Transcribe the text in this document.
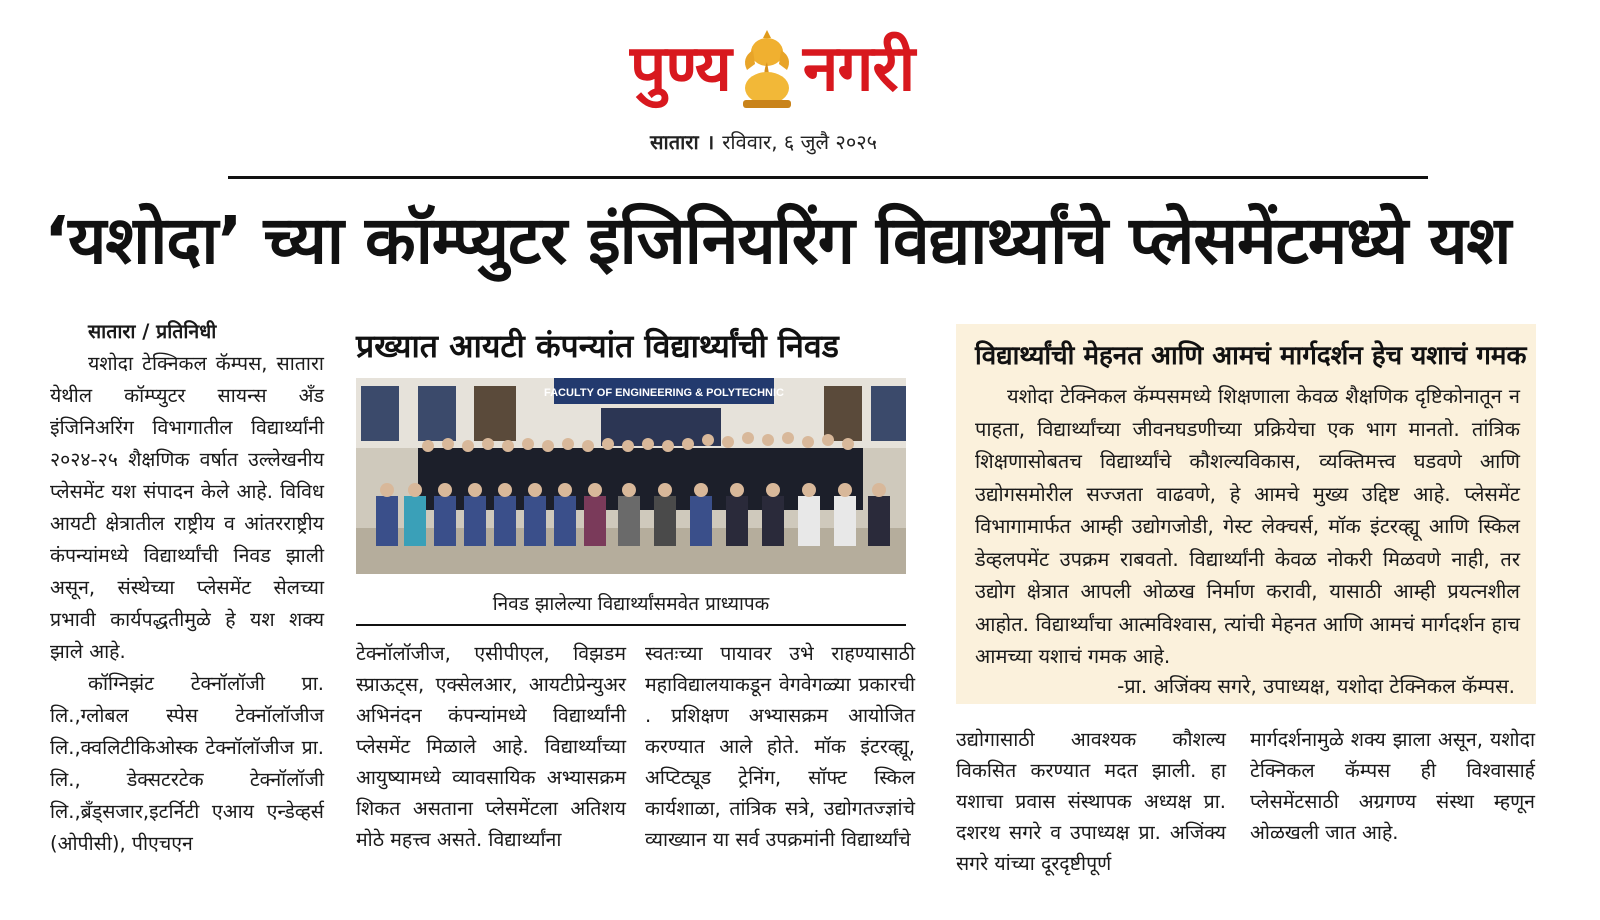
पुण्य नगरी
सातारा । रविवार, ६ जुलै २०२५
‘यशोदा’ च्या कॉम्प्युटर इंजिनियरिंग विद्यार्थ्यांचे प्लेसमेंटमध्ये यश
सातारा / प्रतिनिधी

यशोदा टेक्निकल कॅम्पस, सातारा येथील कॉम्प्युटर सायन्स अँड इंजिनिअरिंग विभागातील विद्यार्थ्यांनी २०२४-२५ शैक्षणिक वर्षात उल्लेखनीय प्लेसमेंट यश संपादन केले आहे. विविध आयटी क्षेत्रातील राष्ट्रीय व आंतरराष्ट्रीय कंपन्यांमध्ये विद्यार्थ्यांची निवड झाली असून, संस्थेच्या प्लेसमेंट सेलच्या प्रभावी कार्यपद्धतीमुळे हे यश शक्य झाले आहे.

कॉग्निझंट टेक्नॉलॉजी प्रा. लि.,ग्लोबल स्पेस टेक्नॉलॉजीज लि.,क्वलिटीकिओस्क टेक्नॉलॉजीज प्रा. लि., डेक्सटरटेक टेक्नॉलॉजी लि.,ब्रँड्सजार,इटर्निटी एआय एन्डेव्हर्स (ओपीसी), पीएचएन

प्रख्यात आयटी कंपन्यांत विद्यार्थ्यांची निवड
FACULTY OF ENGINEERING & POLYTECHNIC
निवड झालेल्या विद्यार्थ्यांसमवेत प्राध्यापक

टेक्नॉलॉजीज, एसीपीएल, विझडम स्प्राऊट्स, एक्सेलआर, आयटीप्रेन्युअर अभिनंदन कंपन्यांमध्ये विद्यार्थ्यांनी प्लेसमेंट मिळाले आहे. विद्यार्थ्यांच्या आयुष्यामध्ये व्यावसायिक अभ्यासक्रम शिकत असताना प्लेसमेंटला अतिशय मोठे महत्त्व असते. विद्यार्थ्यांना

स्वतःच्या पायावर उभे राहण्यासाठी महाविद्यालयाकडून वेगवेगळ्या प्रकारची . प्रशिक्षण अभ्यासक्रम आयोजित करण्यात आले होते. मॉक इंटरव्ह्यू, अप्टिट्यूड ट्रेनिंग, सॉफ्ट स्किल कार्यशाळा, तांत्रिक सत्रे, उद्योगतज्ज्ञांचे व्याख्यान या सर्व उपक्रमांनी विद्यार्थ्यांचे

विद्यार्थ्यांची मेहनत आणि आमचं मार्गदर्शन हेच यशाचं गमक

यशोदा टेक्निकल कॅम्पसमध्ये शिक्षणाला केवळ शैक्षणिक दृष्टिकोनातून न पाहता, विद्यार्थ्यांच्या जीवनघडणीच्या प्रक्रियेचा एक भाग मानतो. तांत्रिक शिक्षणासोबतच विद्यार्थ्यांचे कौशल्यविकास, व्यक्तिमत्त्व घडवणे आणि उद्योगसमोरील सज्जता वाढवणे, हे आमचे मुख्य उद्दिष्ट आहे. प्लेसमेंट विभागामार्फत आम्ही उद्योगजोडी, गेस्ट लेक्चर्स, मॉक इंटरव्ह्यू आणि स्किल डेव्हलपमेंट उपक्रम राबवतो. विद्यार्थ्यांनी केवळ नोकरी मिळवणे नाही, तर उद्योग क्षेत्रात आपली ओळख निर्माण करावी, यासाठी आम्ही प्रयत्नशील आहोत. विद्यार्थ्यांचा आत्मविश्वास, त्यांची मेहनत आणि आमचं मार्गदर्शन हाच आमच्या यशाचं गमक आहे.

-प्रा. अजिंक्य सगरे, उपाध्यक्ष, यशोदा टेक्निकल कॅम्पस.

उद्योगासाठी आवश्यक कौशल्य विकसित करण्यात मदत झाली. हा यशाचा प्रवास संस्थापक अध्यक्ष प्रा. दशरथ सगरे व उपाध्यक्ष प्रा. अजिंक्य सगरे यांच्या दूरदृष्टीपूर्ण

मार्गदर्शनामुळे शक्य झाला असून, यशोदा टेक्निकल कॅम्पस ही विश्वासार्ह प्लेसमेंटसाठी अग्रगण्य संस्था म्हणून ओळखली जात आहे.
